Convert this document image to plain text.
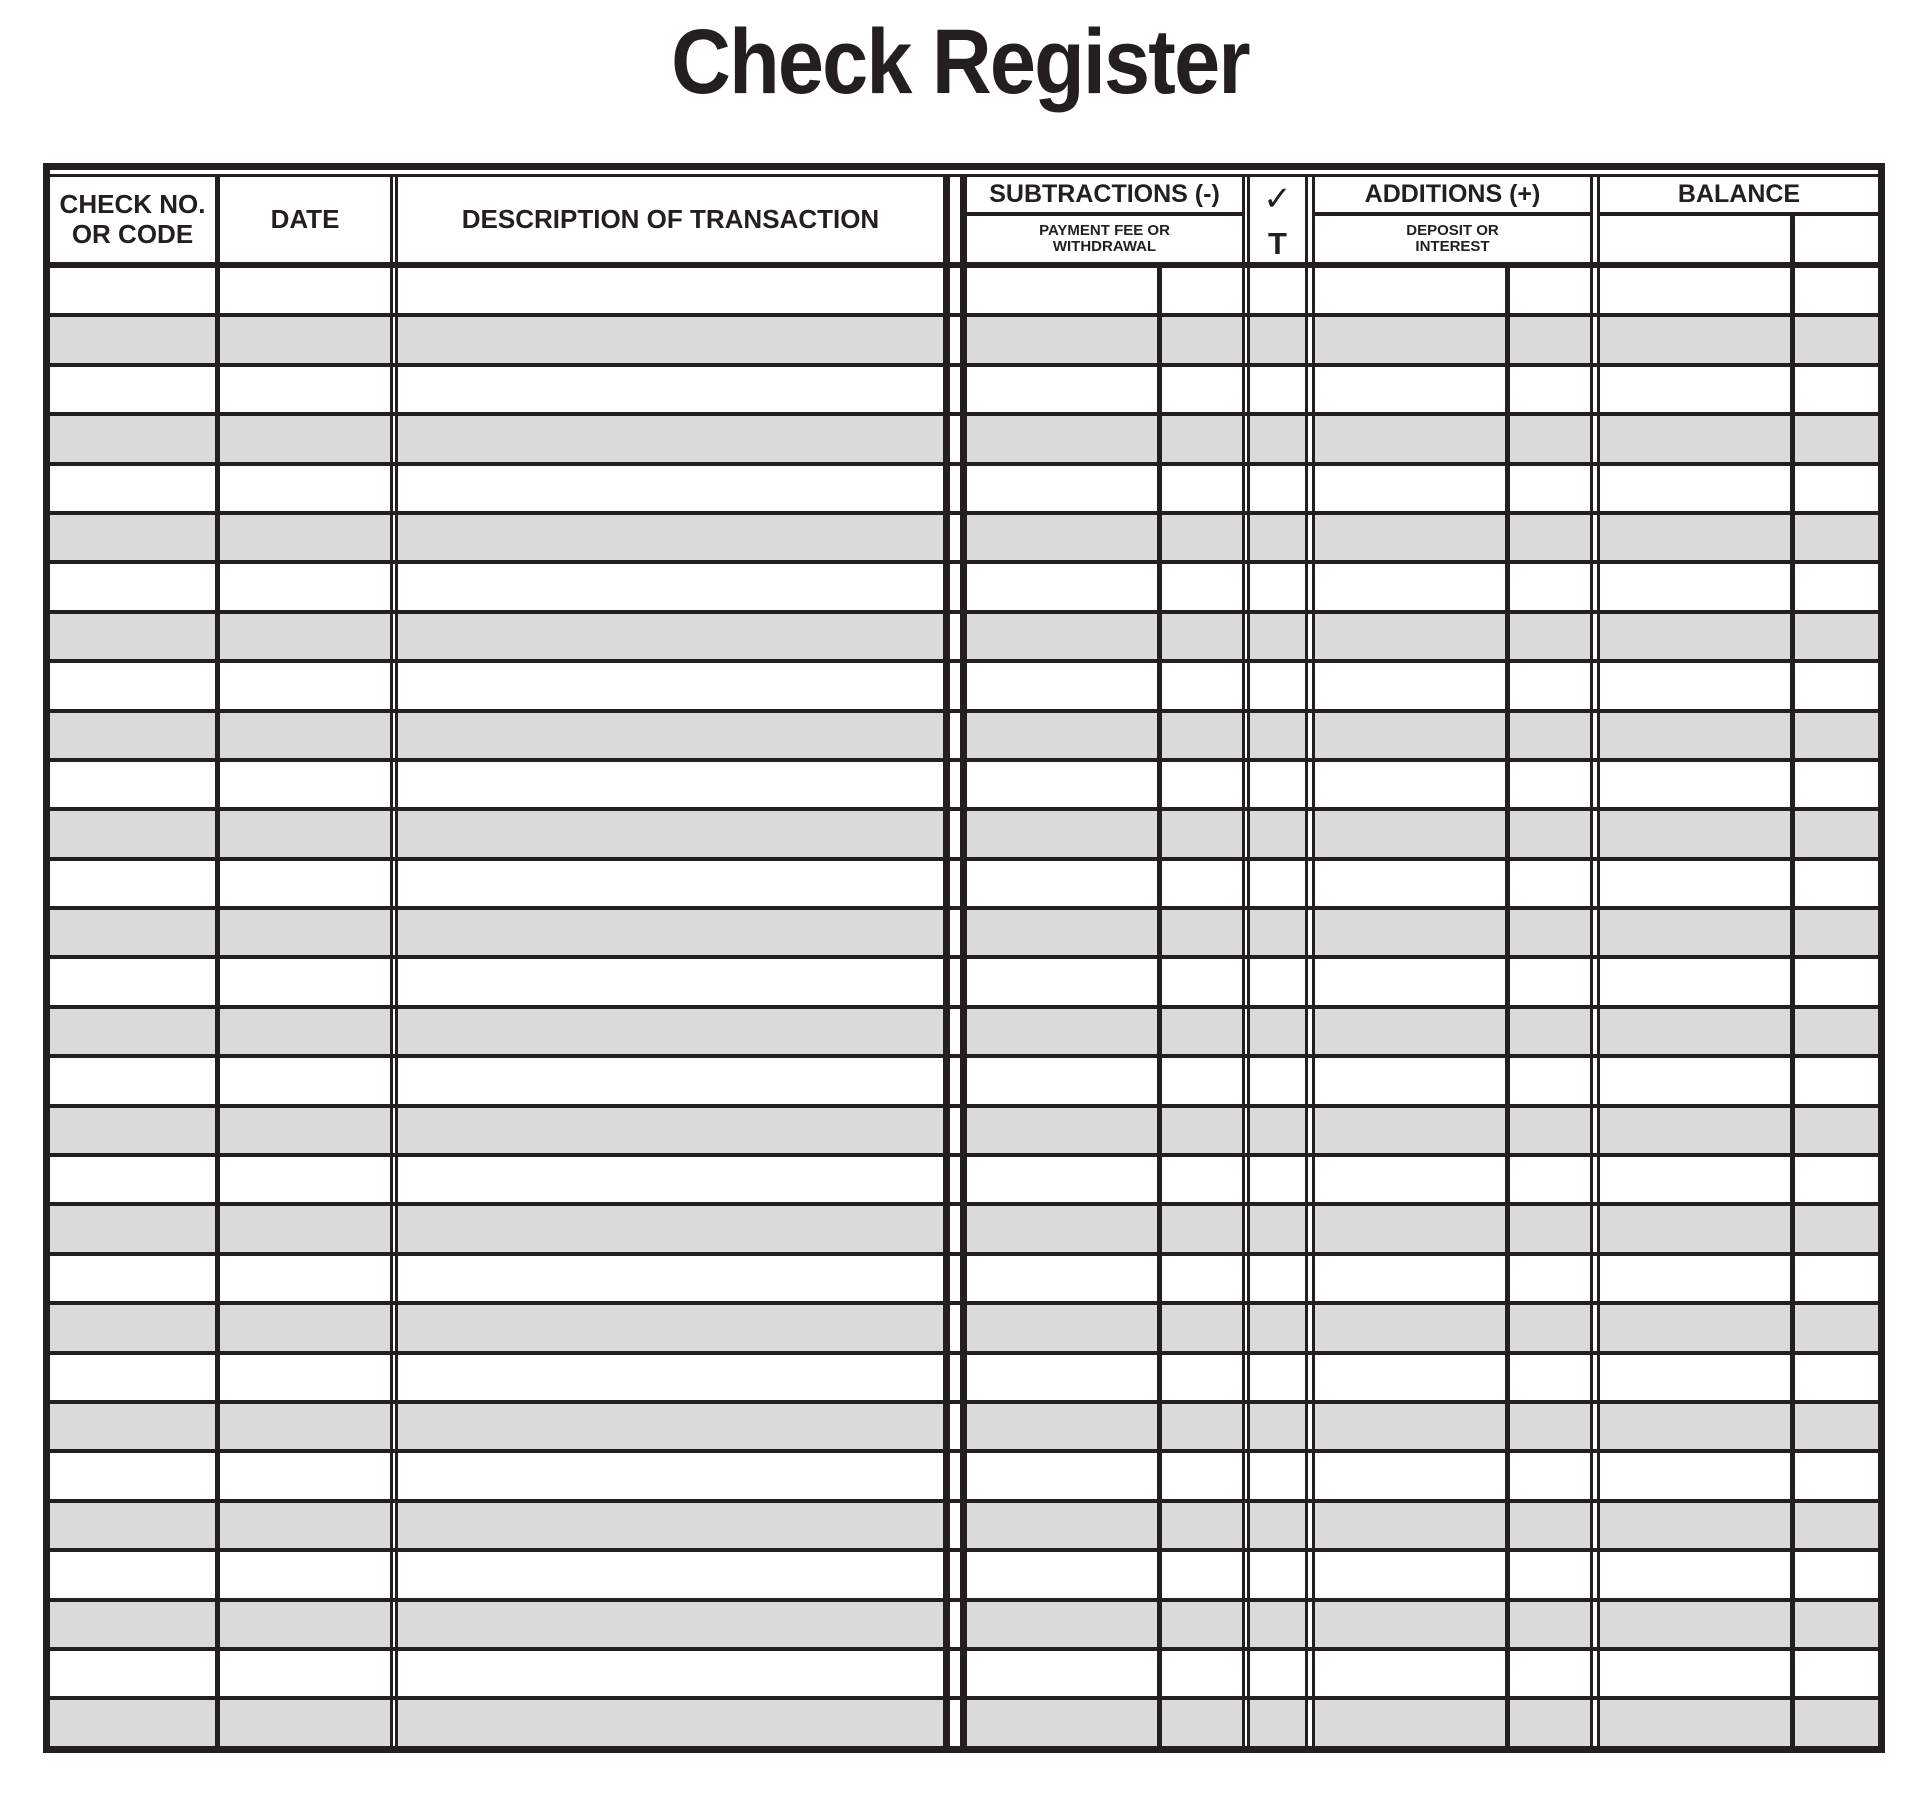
Check Register
CHECK NO.
OR CODE	DATE	DESCRIPTION OF TRANSACTION
SUBTRACTIONS (-)
PAYMENT FEE OR
WITHDRAWAL
✓
T
ADDITIONS (+)
DEPOSIT OR
INTEREST
BALANCE
